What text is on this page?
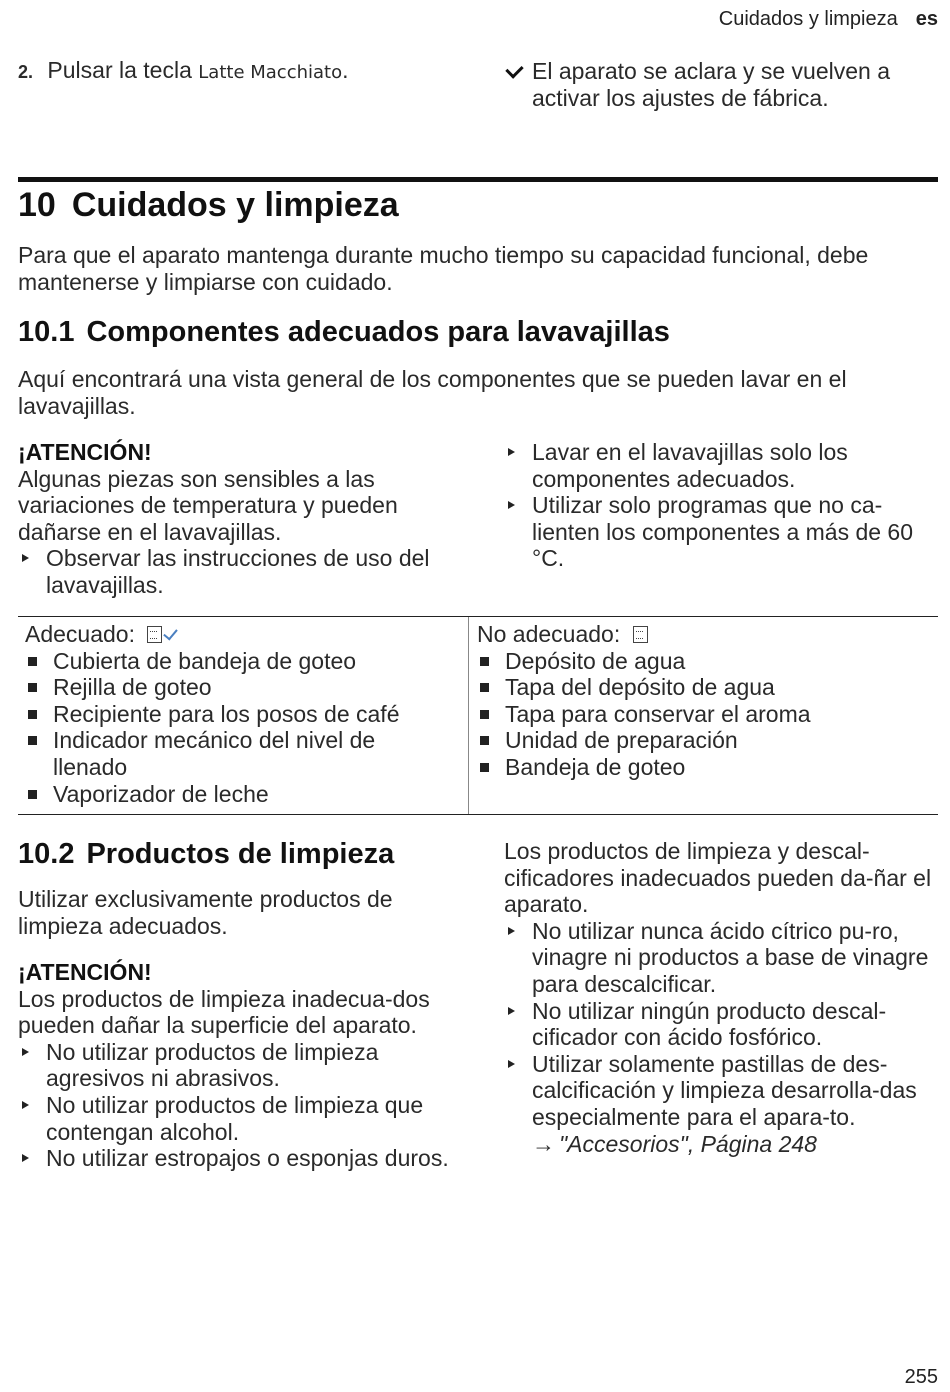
Cuidados y limpieza es
2. Pulsar la tecla Latte Macchiato.	El aparato se aclara y se vuelven a activar los ajustes de fábrica.
10 Cuidados y limpieza
Para que el aparato mantenga durante mucho tiempo su capacidad funcional, debe mantenerse y limpiarse con cuidado.
10.1 Componentes adecuados para lavavajillas
Aquí encontrará una vista general de los componentes que se pueden lavar en el lavavajillas.
¡ATENCIÓN!
Algunas piezas son sensibles a las variaciones de temperatura y pueden dañarse en el lavavajillas.
Observar las instrucciones de uso del lavavajillas.
Lavar en el lavavajillas solo los componentes adecuados.
Utilizar solo programas que no ca-lienten los componentes a más de 60 °C.
Adecuado:
Cubierta de bandeja de goteo
Rejilla de goteo
Recipiente para los posos de café
Indicador mecánico del nivel de llenado
Vaporizador de leche
No adecuado:
Depósito de agua
Tapa del depósito de agua
Tapa para conservar el aroma
Unidad de preparación
Bandeja de goteo
10.2 Productos de limpieza
Utilizar exclusivamente productos de limpieza adecuados.
¡ATENCIÓN!
Los productos de limpieza inadecua-dos pueden dañar la superficie del aparato.
No utilizar productos de limpieza agresivos ni abrasivos.
No utilizar productos de limpieza que contengan alcohol.
No utilizar estropajos o esponjas duros.
Los productos de limpieza y descal-cificadores inadecuados pueden da-ñar el aparato.
No utilizar nunca ácido cítrico pu-ro, vinagre ni productos a base de vinagre para descalcificar.
No utilizar ningún producto descal-cificador con ácido fosfórico.
Utilizar solamente pastillas de des-calcificación y limpieza desarrolla-das especialmente para el apara-to.
→ "Accesorios", Página 248
255
